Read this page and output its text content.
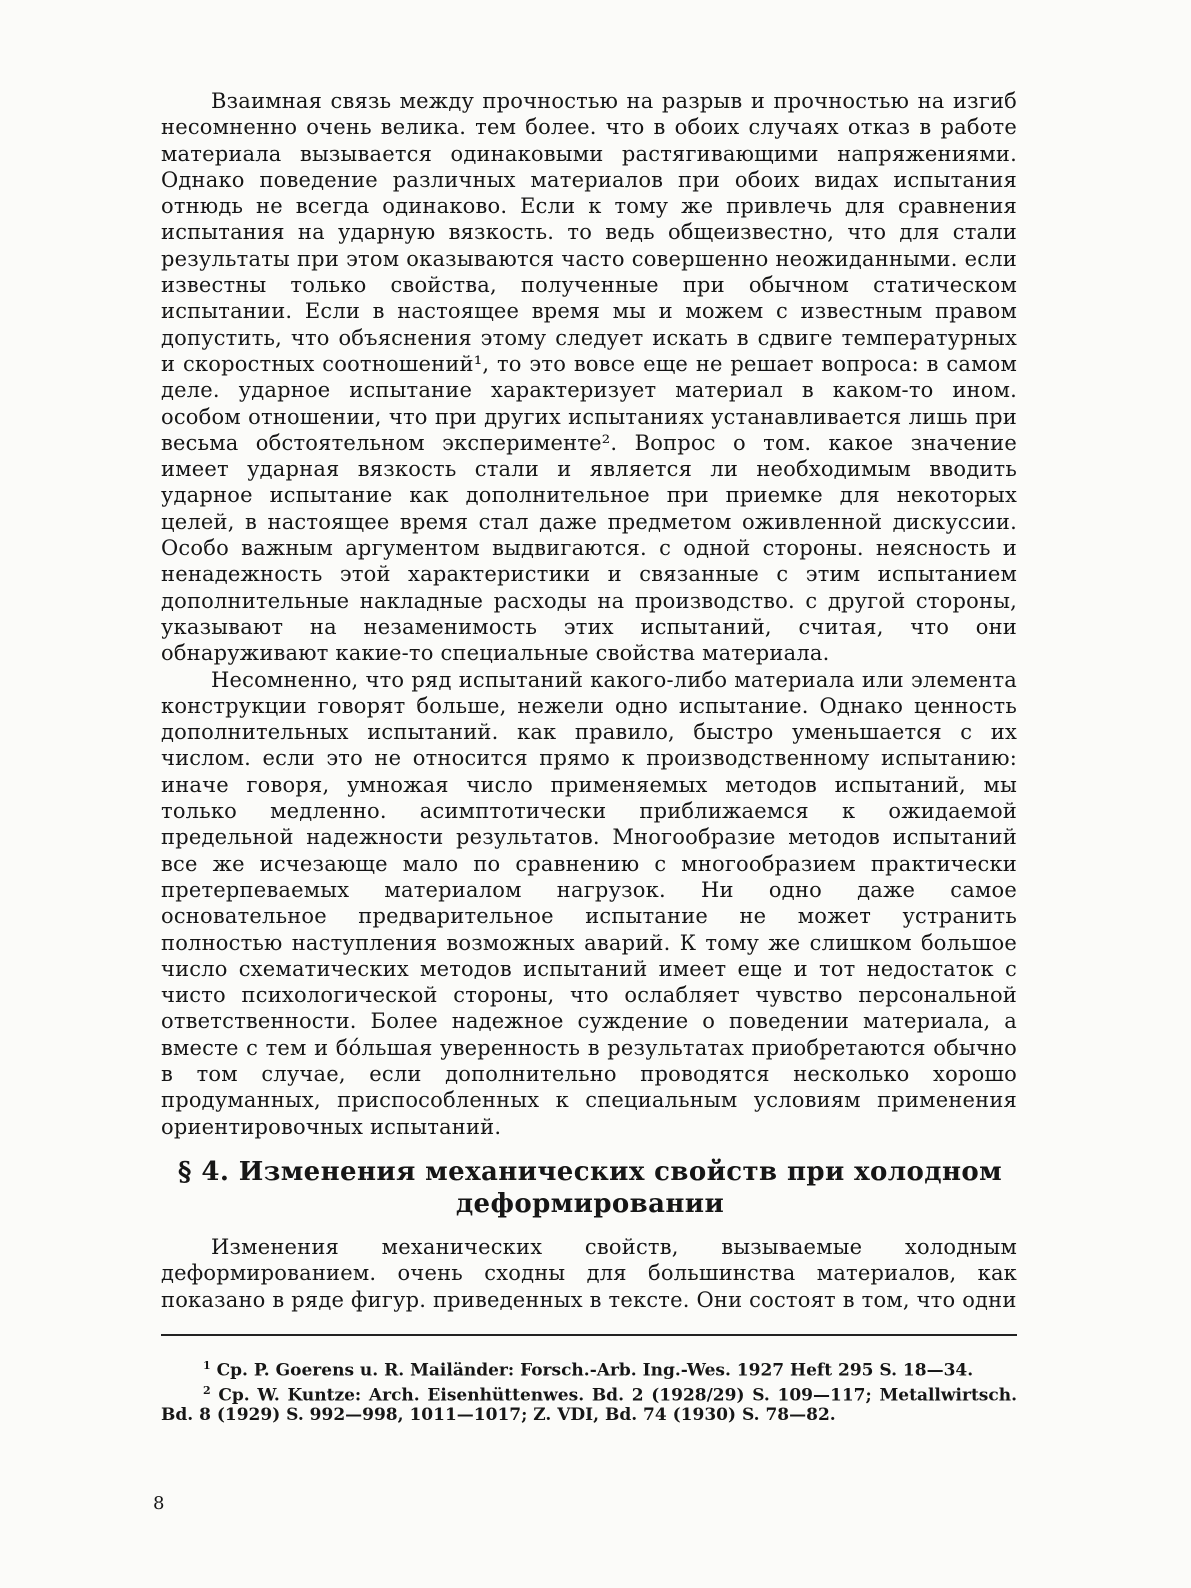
Взаимная связь между прочностью на разрыв и прочностью на изгиб несомненно очень велика. тем более. что в обоих случаях отказ в работе материала вызывается одинаковыми растягивающими напряжениями. Однако поведение различных материалов при обоих видах испытания отнюдь не всегда одинаково. Если к тому же привлечь для сравнения испытания на ударную вязкость. то ведь общеизвестно, что для стали результаты при этом оказываются часто совершенно неожиданными. если известны только свойства, полученные при обычном статическом испытании. Если в настоящее время мы и можем с известным правом допустить, что объяснения этому следует искать в сдвиге температурных и скоростных соотношений¹, то это вовсе еще не решает вопроса: в самом деле. ударное испытание характеризует материал в каком-то ином. особом отношении, что при других испытаниях устанавливается лишь при весьма обстоятельном эксперименте². Вопрос о том. какое значение имеет ударная вязкость стали и является ли необходимым вводить ударное испытание как дополнительное при приемке для некоторых целей, в настоящее время стал даже предметом оживленной дискуссии. Особо важным аргументом выдвигаются. с одной стороны. неясность и ненадежность этой характеристики и связанные с этим испытанием дополнительные накладные расходы на производство. с другой стороны, указывают на незаменимость этих испытаний, считая, что они обнаруживают какие-то специальные свойства материала.

Несомненно, что ряд испытаний какого-либо материала или элемента конструкции говорят больше, нежели одно испытание. Однако ценность дополнительных испытаний. как правило, быстро уменьшается с их числом. если это не относится прямо к производственному испытанию: иначе говоря, умножая число применяемых методов испытаний, мы только медленно. асимптотически приближаемся к ожидаемой предельной надежности результатов. Многообразие методов испытаний все же исчезающе мало по сравнению с многообразием практически претерпеваемых материалом нагрузок. Ни одно даже самое основательное предварительное испытание не может устранить полностью наступления возможных аварий. К тому же слишком большое число схематических методов испытаний имеет еще и тот недостаток с чисто психологической стороны, что ослабляет чувство персональной ответственности. Более надежное суждение о поведении материала, а вместе с тем и бóльшая уверенность в результатах приобретаются обычно в том случае, если дополнительно проводятся несколько хорошо продуманных, приспособленных к специальным условиям применения ориентировочных испытаний.

§ 4. Изменения механических свойств при холодном деформировании

Изменения механических свойств, вызываемые холодным деформированием. очень сходны для большинства материалов, как показано в ряде фигур. приведенных в тексте. Они состоят в том, что одни

$^1$ Ср. P. Goerens u. R. Mailänder: Forsch.-Arb. Ing.-Wes. 1927 Heft 295 S. 18—34.

$^2$ Ср. W. Kuntze: Arch. Eisenhüttenwes. Bd. 2 (1928/29) S. 109—117; Metallwirtsch. Bd. 8 (1929) S. 992—998, 1011—1017; Z. VDI, Bd. 74 (1930) S. 78—82.

8
